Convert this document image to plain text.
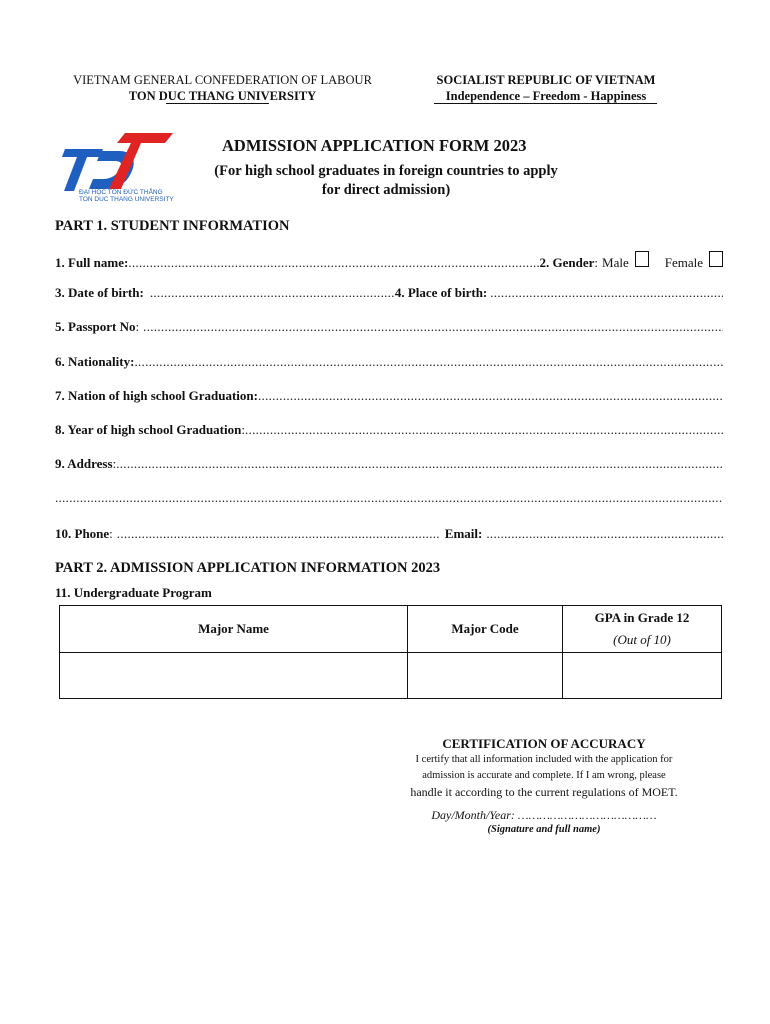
VIETNAM GENERAL CONFEDERATION OF LABOUR
TON DUC THANG UNIVERSITY
SOCIALIST REPUBLIC OF VIETNAM
Independence – Freedom - Happiness
ĐẠI HỌC TÔN ĐỨC THẮNG
TON DUC THANG UNIVERSITY
ADMISSION APPLICATION FORM 2023
(For high school graduates in foreign countries to apply
for direct admission)
PART 1. STUDENT INFORMATION
1. Full name: .....	2. Gender : Male	Female
3. Date of birth: .....	4. Place of birth:
.....
5. Passport No :
.....
6. Nationality:
.....
7. Nation of high school Graduation:
.....
8. Year of high school Graduation :
.....
9. Address :
.....
.....
10. Phone : .....	Email:
.....
PART 2. ADMISSION APPLICATION INFORMATION 2023
11. Undergraduate Program
Major Name	Major Code	GPA in Grade 12
(Out of 10)

CERTIFICATION OF ACCURACY
I certify that all information included with the application for
admission is accurate and complete. If I am wrong, please
handle it according to the current regulations of MOET.
Day/Month/Year: …………………………………
(Signature and full name)
